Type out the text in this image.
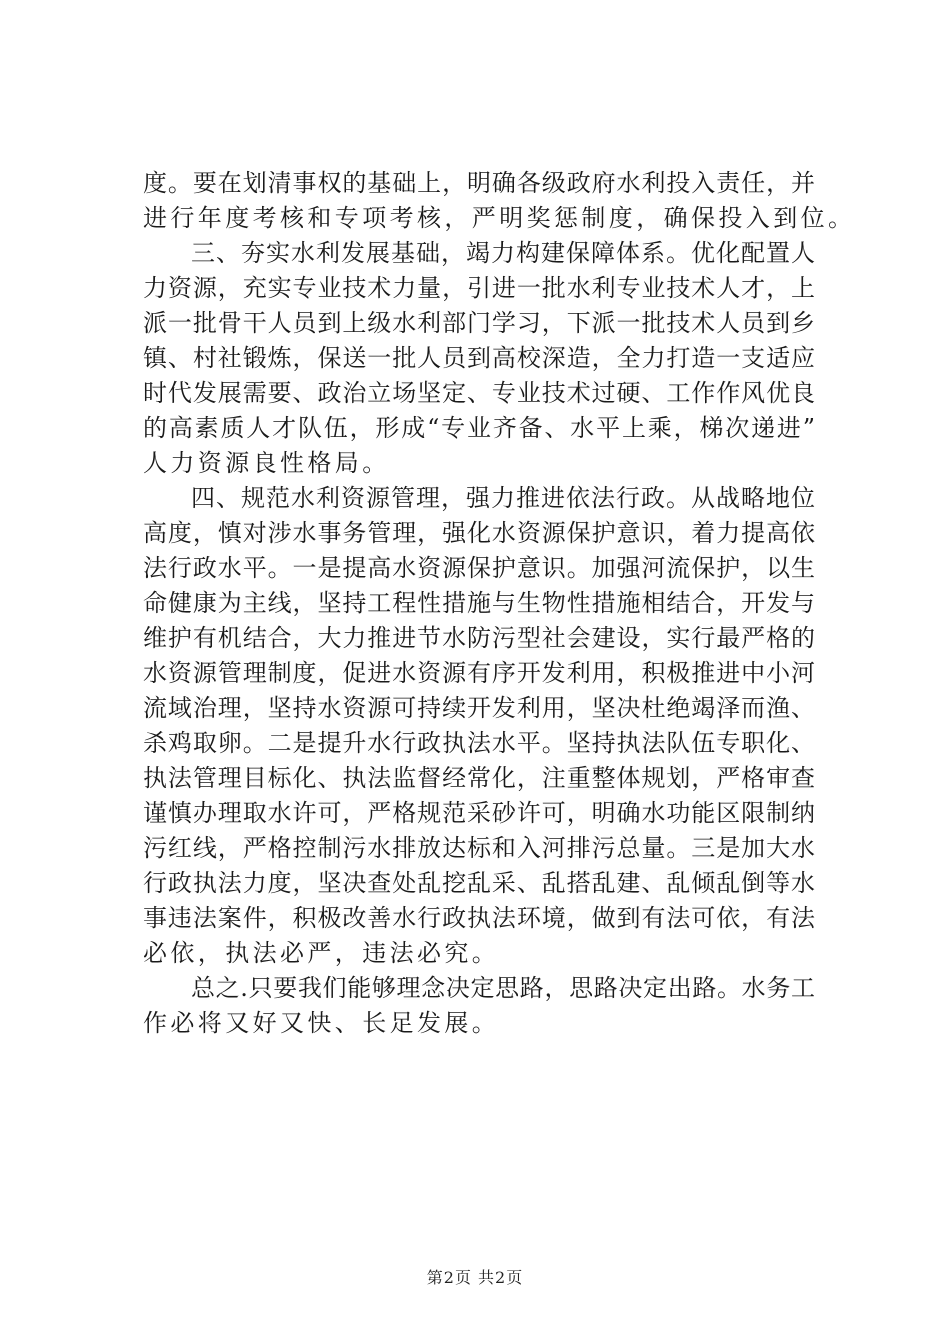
度。要在划清事权的基础上，明确各级政府水利投入责任，并
进行年度考核和专项考核，严明奖惩制度，确保投入到位。
三、夯实水利发展基础，竭力构建保障体系。优化配置人
力资源，充实专业技术力量，引进一批水利专业技术人才，上
派一批骨干人员到上级水利部门学习，下派一批技术人员到乡
镇、村社锻炼，保送一批人员到高校深造，全力打造一支适应
时代发展需要、政治立场坚定、专业技术过硬、工作作风优良
的高素质人才队伍，形成“专业齐备、水平上乘，梯次递进”
人力资源良性格局。
四、规范水利资源管理，强力推进依法行政。从战略地位
高度，慎对涉水事务管理，强化水资源保护意识，着力提高依
法行政水平。一是提高水资源保护意识。加强河流保护，以生
命健康为主线，坚持工程性措施与生物性措施相结合，开发与
维护有机结合，大力推进节水防污型社会建设，实行最严格的
水资源管理制度，促进水资源有序开发利用，积极推进中小河
流域治理，坚持水资源可持续开发利用，坚决杜绝竭泽而渔、
杀鸡取卵。二是提升水行政执法水平。坚持执法队伍专职化、
执法管理目标化、执法监督经常化，注重整体规划，严格审查
谨慎办理取水许可，严格规范采砂许可，明确水功能区限制纳
污红线，严格控制污水排放达标和入河排污总量。三是加大水
行政执法力度，坚决查处乱挖乱采、乱搭乱建、乱倾乱倒等水
事违法案件，积极改善水行政执法环境，做到有法可依，有法
必依，执法必严，违法必究。
总之.只要我们能够理念决定思路，思路决定出路。水务工
作必将又好又快、长足发展。
第2页 共2页
